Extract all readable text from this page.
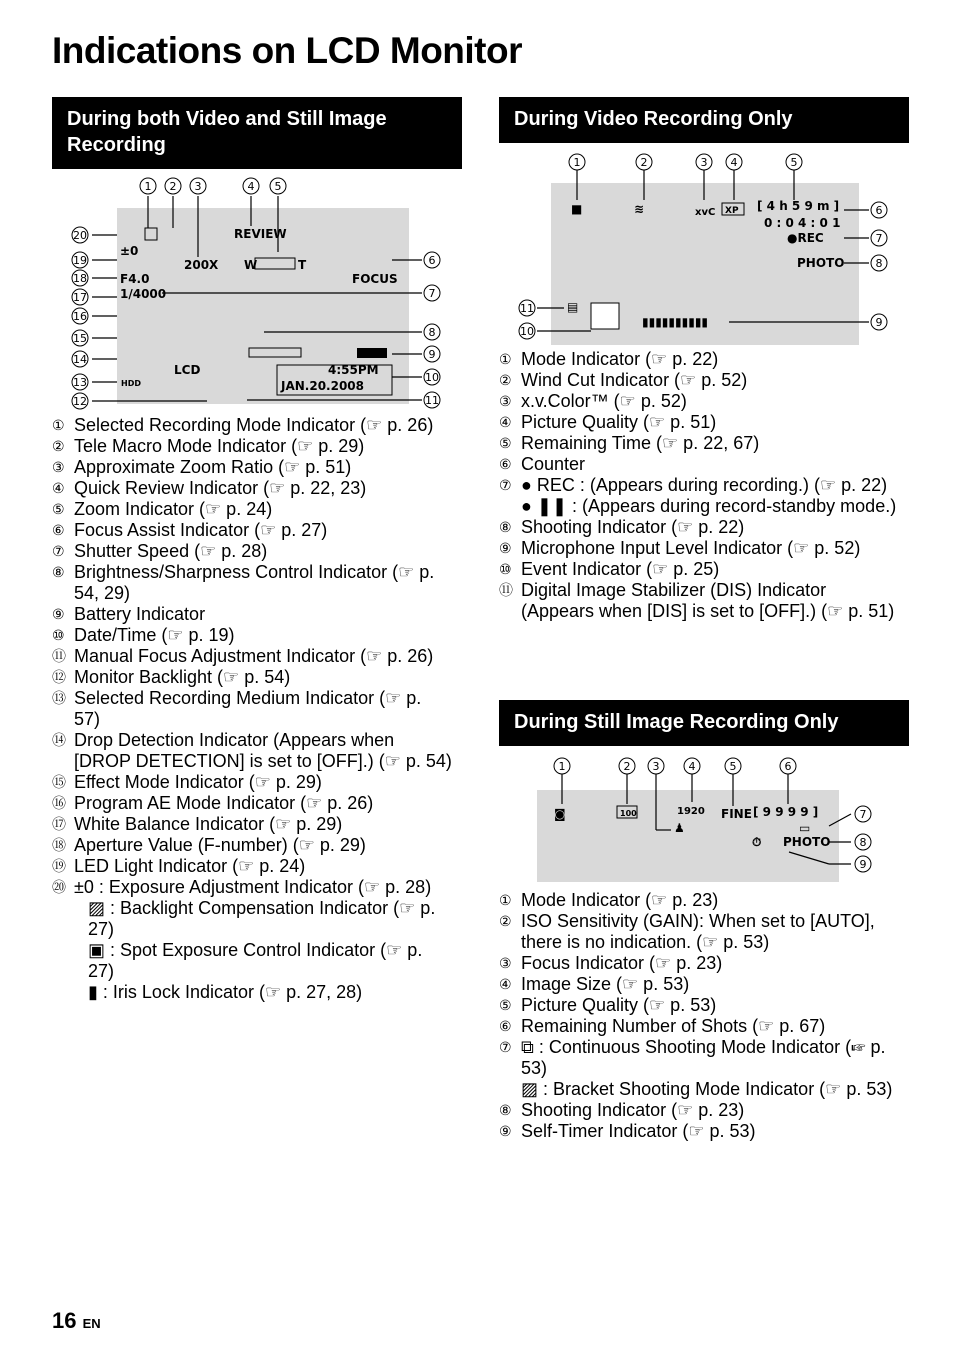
Indications on LCD Monitor
During both Video and Still Image Recording
200X
REVIEW
FOCUS
W	T
±0
F4.0
1/4000
LCD	4:55PM
JAN.20.2008
HDD
1 2 3	4 5
6
7
8
9
10
11
12
13
14
15
16
17
18
19
20
① Selected Recording Mode Indicator (☞ p. 26)
② Tele Macro Mode Indicator (☞ p. 29)
③ Approximate Zoom Ratio (☞ p. 51)
④ Quick Review Indicator (☞ p. 22, 23)
⑤ Zoom Indicator (☞ p. 24)
⑥ Focus Assist Indicator (☞ p. 27)
⑦ Shutter Speed (☞ p. 28)
⑧ Brightness/Sharpness Control Indicator (☞ p. 54, 29)
⑨ Battery Indicator
⑩ Date/Time (☞ p. 19)
⑪ Manual Focus Adjustment Indicator (☞ p. 26)
⑫ Monitor Backlight (☞ p. 54)
⑬ Selected Recording Medium Indicator (☞ p. 57)
⑭ Drop Detection Indicator (Appears when [DROP DETECTION] is set to [OFF].) (☞ p. 54)
⑮ Effect Mode Indicator (☞ p. 29)
⑯ Program AE Mode Indicator (☞ p. 26)
⑰ White Balance Indicator (☞ p. 29)
⑱ Aperture Value (F-number) (☞ p. 29)
⑲ LED Light Indicator (☞ p. 24)
⑳ ±0 : Exposure Adjustment Indicator (☞ p. 28)
▨ : Backlight Compensation Indicator (☞ p. 27)
▣ : Spot Exposure Control Indicator (☞ p. 27)
▮ : Iris Lock Indicator (☞ p. 27, 28)
During Video Recording Only
■	≋	xvC XP [ 4 h 5 9 m ]
0 : 0 4 : 0 1
●REC
PHOTO
▤
▮▮▮▮▮▮▮▮▮▮
1	2	3 4	5
6
7
8
9
10
11
① Mode Indicator (☞ p. 22)
② Wind Cut Indicator (☞ p. 52)
③ x.v.Color™ (☞ p. 52)
④ Picture Quality (☞ p. 51)
⑤ Remaining Time (☞ p. 22, 67)
⑥ Counter
⑦ ● REC : (Appears during recording.) (☞ p. 22)
● ❚❚ : (Appears during record-standby mode.)
⑧ Shooting Indicator (☞ p. 22)
⑨ Microphone Input Level Indicator (☞ p. 52)
⑩ Event Indicator (☞ p. 25)
⑪ Digital Image Stabilizer (DIS) Indicator (Appears when [DIS] is set to [OFF].) (☞ p. 51)
During Still Image Recording Only
◙	100
♟
1920 FINE [ 9 9 9 9 ]
▭
PHOTO
⏱
1	2 3	4	5	6
7
8
9
① Mode Indicator (☞ p. 23)
② ISO Sensitivity (GAIN): When set to [AUTO], there is no indication. (☞ p. 53)
③ Focus Indicator (☞ p. 23)
④ Image Size (☞ p. 53)
⑤ Picture Quality (☞ p. 53)
⑥ Remaining Number of Shots (☞ p. 67)
⑦ ⧉ : Continuous Shooting Mode Indicator (☞ p. 53)
▨ : Bracket Shooting Mode Indicator (☞ p. 53)
⑧ Shooting Indicator (☞ p. 23)
⑨ Self-Timer Indicator (☞ p. 53)
16 EN
